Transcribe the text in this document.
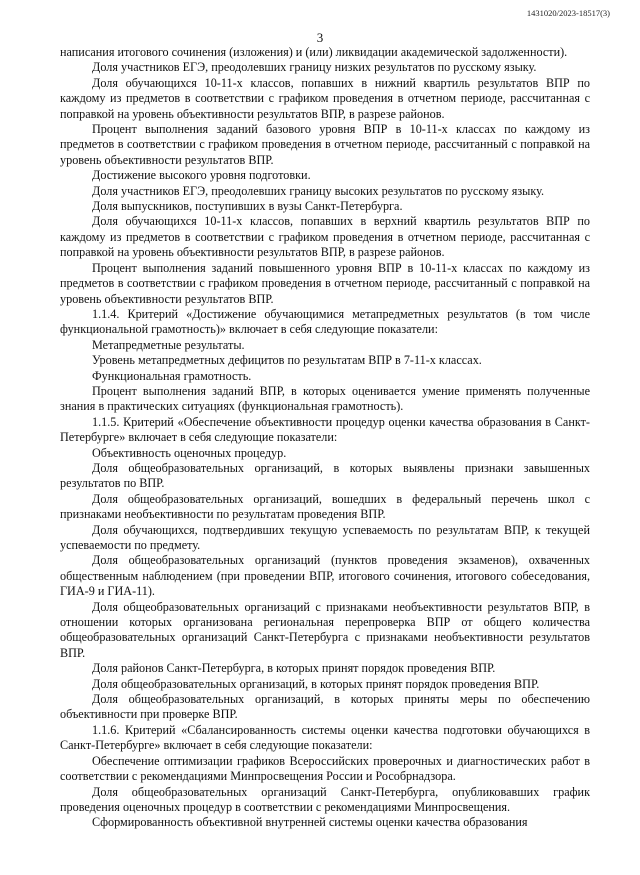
1431020/2023-18517(3)
3

написания итогового сочинения (изложения) и (или) ликвидации академической задолженности).

Доля участников ЕГЭ, преодолевших границу низких результатов по русскому языку.

Доля обучающихся 10-11-х классов, попавших в нижний квартиль результатов ВПР по каждому из предметов в соответствии с графиком проведения в отчетном периоде, рассчитанная с поправкой на уровень объективности результатов ВПР, в разрезе районов.

Процент выполнения заданий базового уровня ВПР в 10-11-х классах по каждому из предметов в соответствии с графиком проведения в отчетном периоде, рассчитанный с поправкой на уровень объективности результатов ВПР.

Достижение высокого уровня подготовки.

Доля участников ЕГЭ, преодолевших границу высоких результатов по русскому языку.

Доля выпускников, поступивших в вузы Санкт-Петербурга.

Доля обучающихся 10-11-х классов, попавших в верхний квартиль результатов ВПР по каждому из предметов в соответствии с графиком проведения в отчетном периоде, рассчитанная с поправкой на уровень объективности результатов ВПР, в разрезе районов.

Процент выполнения заданий повышенного уровня ВПР в 10-11-х классах по каждому из предметов в соответствии с графиком проведения в отчетном периоде, рассчитанный с поправкой на уровень объективности результатов ВПР.

1.1.4. Критерий «Достижение обучающимися метапредметных результатов (в том числе функциональной грамотность)» включает в себя следующие показатели:

Метапредметные результаты.

Уровень метапредметных дефицитов по результатам ВПР в 7-11-х классах.

Функциональная грамотность.

Процент выполнения заданий ВПР, в которых оценивается умение применять полученные знания в практических ситуациях (функциональная грамотность).

1.1.5. Критерий «Обеспечение объективности процедур оценки качества образования в Санкт-Петербурге» включает в себя следующие показатели:

Объективность оценочных процедур.

Доля общеобразовательных организаций, в которых выявлены признаки завышенных результатов по ВПР.

Доля общеобразовательных организаций, вошедших в федеральный перечень школ с признаками необъективности по результатам проведения ВПР.

Доля обучающихся, подтвердивших текущую успеваемость по результатам ВПР, к текущей успеваемости по предмету.

Доля общеобразовательных организаций (пунктов проведения экзаменов), охваченных общественным наблюдением (при проведении ВПР, итогового сочинения, итогового собеседования, ГИА-9 и ГИА-11).

Доля общеобразовательных организаций с признаками необъективности результатов ВПР, в отношении которых организована региональная перепроверка ВПР от общего количества общеобразовательных организаций Санкт-Петербурга с признаками необъективности результатов ВПР.

Доля районов Санкт-Петербурга, в которых принят порядок проведения ВПР.

Доля общеобразовательных организаций, в которых принят порядок проведения ВПР.

Доля общеобразовательных организаций, в которых приняты меры по обеспечению объективности при проверке ВПР.

1.1.6. Критерий «Сбалансированность системы оценки качества подготовки обучающихся в Санкт-Петербурге» включает в себя следующие показатели:

Обеспечение оптимизации графиков Всероссийских проверочных и диагностических работ в соответствии с рекомендациями Минпросвещения России и Рособрнадзора.

Доля общеобразовательных организаций Санкт-Петербурга, опубликовавших график проведения оценочных процедур в соответствии с рекомендациями Минпросвещения.

Сформированность объективной внутренней системы оценки качества образования
